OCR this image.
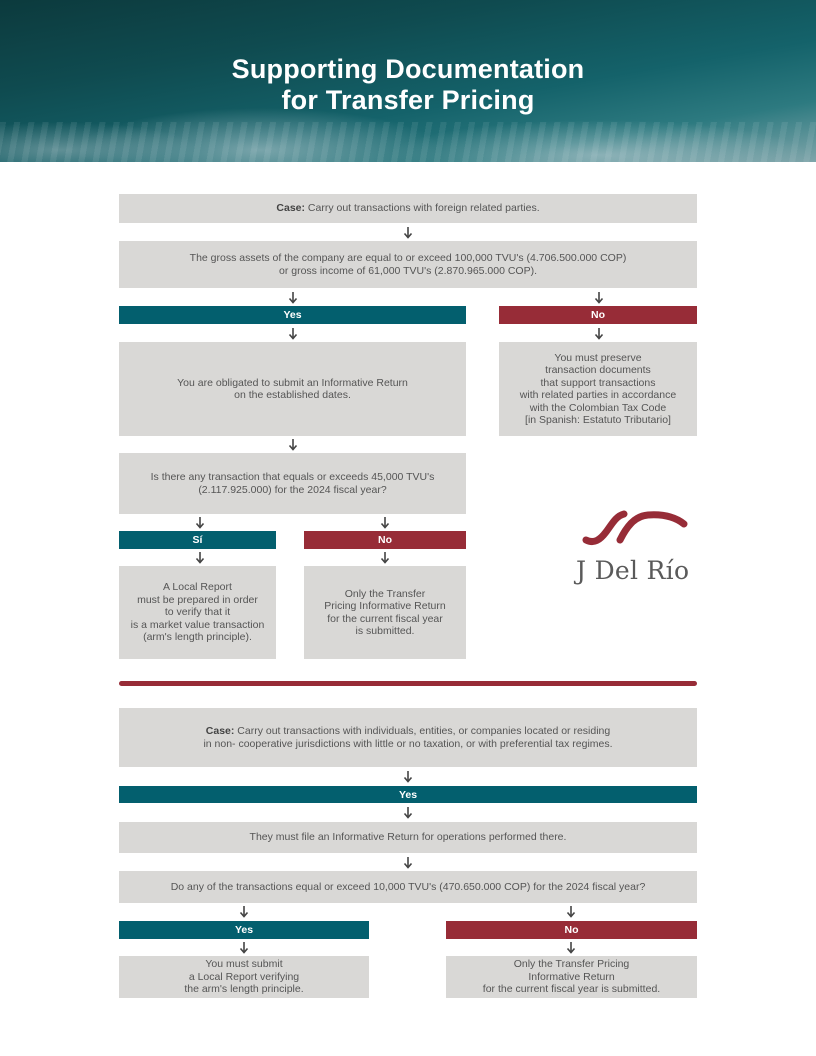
Supporting Documentation
for Transfer Pricing
Case: Carry out transactions with foreign related parties.
The gross assets of the company are equal to or exceed 100,000 TVU's (4.706.500.000 COP)
or gross income of 61,000 TVU's (2.870.965.000 COP).
Yes	No
You are obligated to submit an Informative Return
on the established dates.
You must preserve
transaction documents
that support transactions
with related parties in accordance
with the Colombian Tax Code
[in Spanish: Estatuto Tributario]
Is there any transaction that equals or exceeds 45,000 TVU's
(2.117.925.000) for the 2024 fiscal year?
Sí	No
A Local Report
must be prepared in order
to verify that it
is a market value transaction
(arm's length principle).
Only the Transfer
Pricing Informative Return
for the current fiscal year
is submitted.
J Del Río
Case: Carry out transactions with individuals, entities, or companies located or residing
in non- cooperative jurisdictions with little or no taxation, or with preferential tax regimes.
Yes
They must file an Informative Return for operations performed there.
Do any of the transactions equal or exceed 10,000 TVU's (470.650.000 COP) for the 2024 fiscal year?
Yes	No
You must submit
a Local Report verifying
the arm's length principle.
Only the Transfer Pricing
Informative Return
for the current fiscal year is submitted.
